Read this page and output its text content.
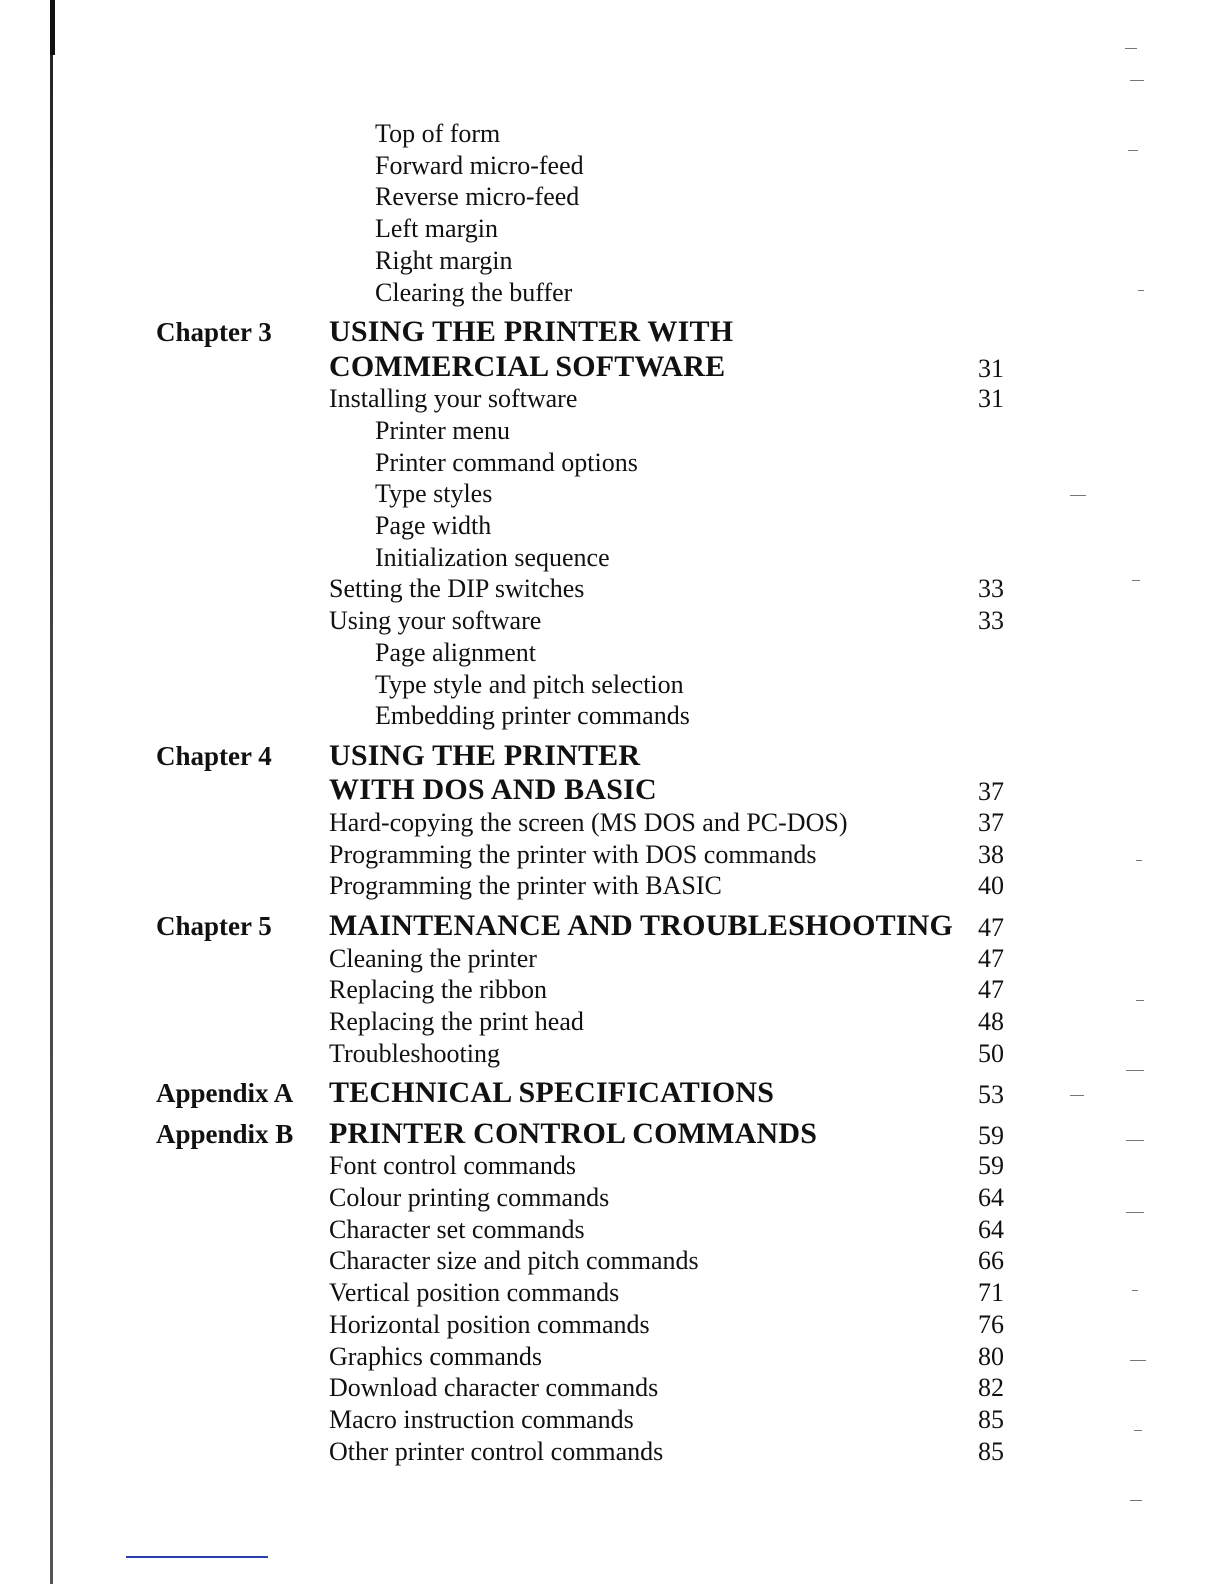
Top of form
Forward micro-feed
Reverse micro-feed
Left margin
Right margin
Clearing the buffer
Chapter 3 USING THE PRINTER WITH
COMMERCIAL SOFTWARE	31
Installing your software	31
Printer menu
Printer command options
Type styles
Page width
Initialization sequence
Setting the DIP switches	33
Using your software	33
Page alignment
Type style and pitch selection
Embedding printer commands
Chapter 4 USING THE PRINTER
WITH DOS AND BASIC	37
Hard-copying the screen (MS DOS and PC-DOS)	37
Programming the printer with DOS commands	38
Programming the printer with BASIC	40
Chapter 5 MAINTENANCE AND TROUBLESHOOTING 47
Cleaning the printer	47
Replacing the ribbon	47
Replacing the print head	48
Troubleshooting	50
Appendix A TECHNICAL SPECIFICATIONS	53
Appendix B PRINTER CONTROL COMMANDS	59
Font control commands	59
Colour printing commands	64
Character set commands	64
Character size and pitch commands	66
Vertical position commands	71
Horizontal position commands	76
Graphics commands	80
Download character commands	82
Macro instruction commands	85
Other printer control commands	85
